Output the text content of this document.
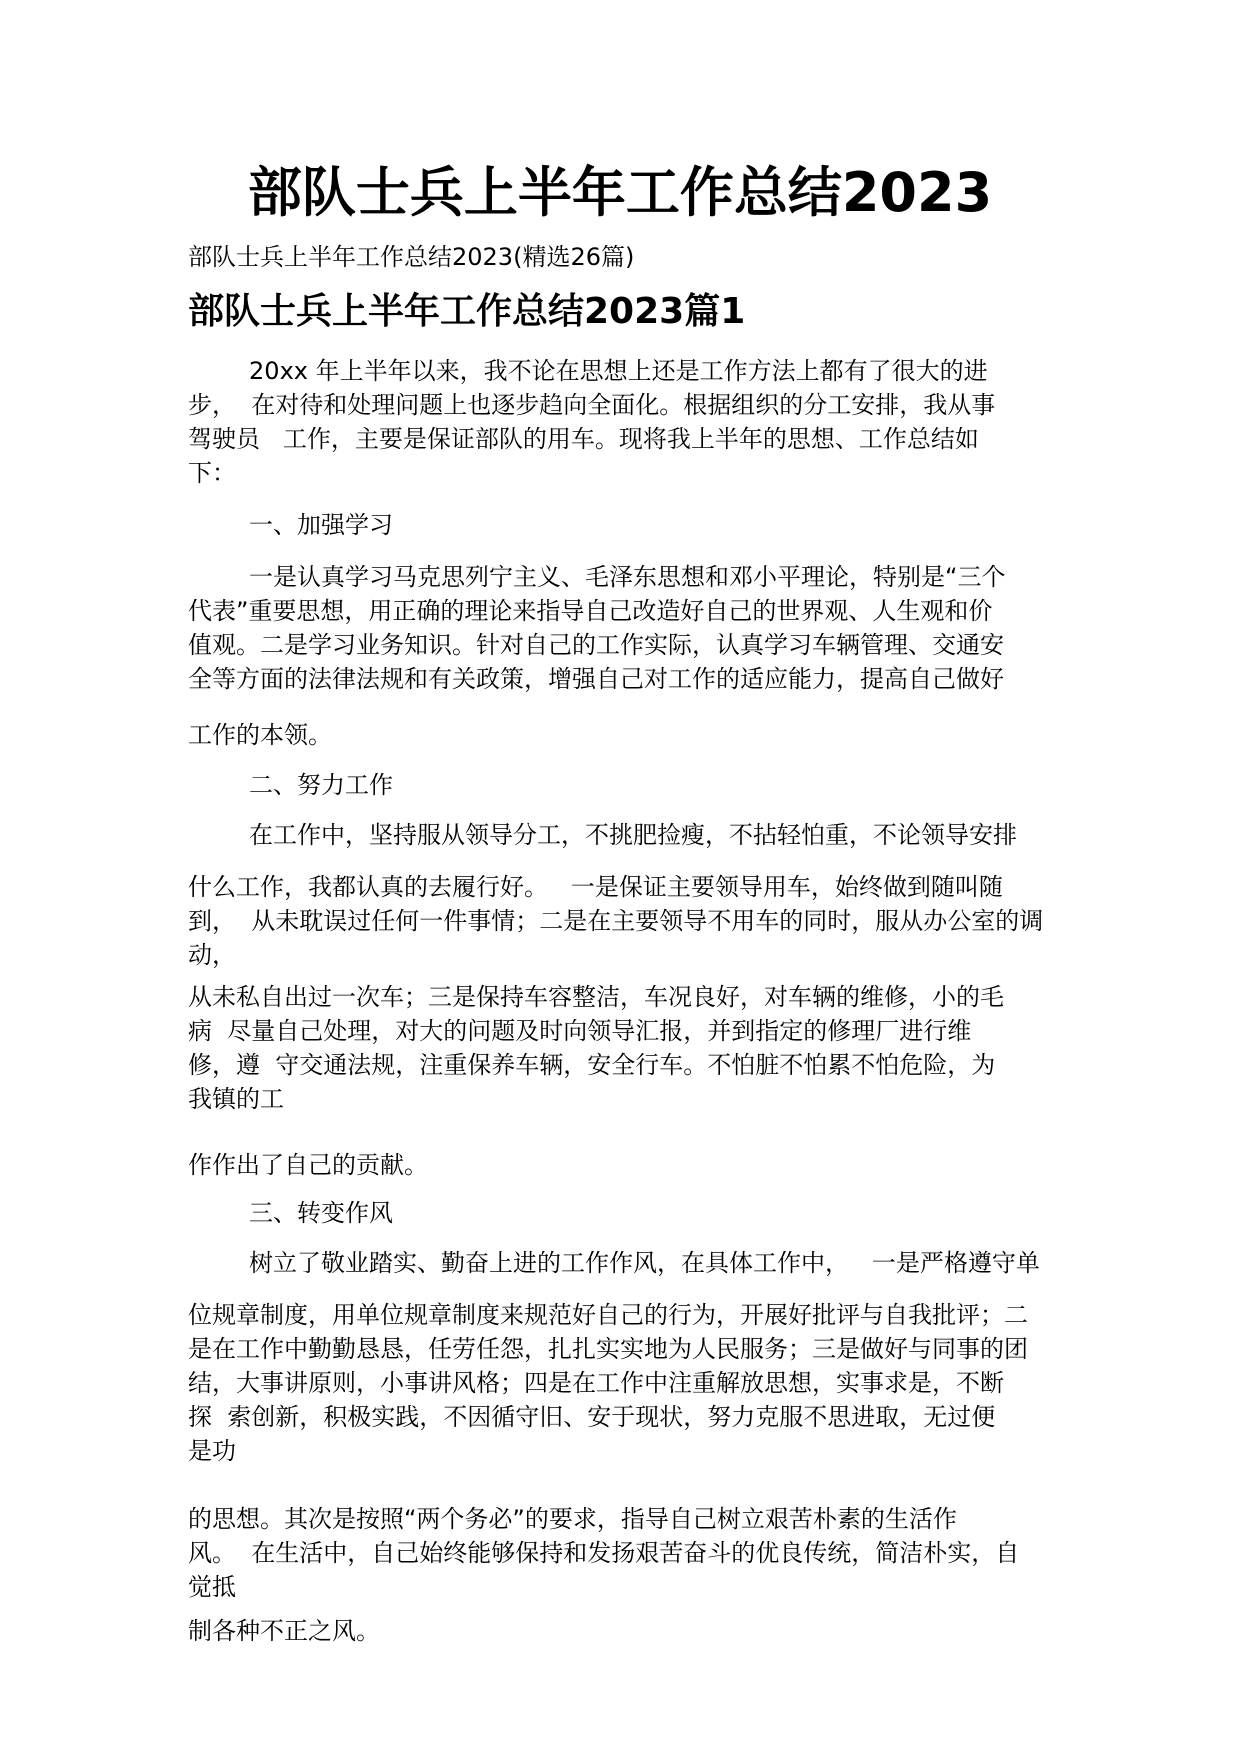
部队士兵上半年工作总结2023
部队士兵上半年工作总结2023(精选26篇)
部队士兵上半年工作总结2023篇1
20xx 年上半年以来，我不论在思想上还是工作方法上都有了很大的进
步，  在对待和处理问题上也逐步趋向全面化。根据组织的分工安排，我从事
驾驶员   工作，主要是保证部队的用车。现将我上半年的思想、工作总结如
下：
一、加强学习
一是认真学习马克思列宁主义、毛泽东思想和邓小平理论，特别是“三个
代表”重要思想，用正确的理论来指导自己改造好自己的世界观、人生观和价
值观。二是学习业务知识。针对自己的工作实际，认真学习车辆管理、交通安
全等方面的法律法规和有关政策，增强自己对工作的适应能力，提高自己做好
工作的本领。
二、努力工作
在工作中，坚持服从领导分工，不挑肥捡瘦，不拈轻怕重，不论领导安排
什么工作，我都认真的去履行好。   一是保证主要领导用车，始终做到随叫随
到，  从未耽误过任何一件事情；二是在主要领导不用车的同时，服从办公室的调
动，
从未私自出过一次车；三是保持车容整洁，车况良好，对车辆的维修，小的毛
病  尽量自己处理，对大的问题及时向领导汇报，并到指定的修理厂进行维
修，遵  守交通法规，注重保养车辆，安全行车。不怕脏不怕累不怕危险，为
我镇的工
作作出了自己的贡献。
三、转变作风
树立了敬业踏实、勤奋上进的工作作风，在具体工作中，   一是严格遵守单
位规章制度，用单位规章制度来规范好自己的行为，开展好批评与自我批评；二
是在工作中勤勤恳恳，任劳任怨，扎扎实实地为人民服务；三是做好与同事的团
结，大事讲原则，小事讲风格；四是在工作中注重解放思想，实事求是，不断
探  索创新，积极实践，不因循守旧、安于现状，努力克服不思进取，无过便
是功
的思想。其次是按照“两个务必”的要求，指导自己树立艰苦朴素的生活作
风。  在生活中，自己始终能够保持和发扬艰苦奋斗的优良传统，简洁朴实，自
觉抵
制各种不正之风。
